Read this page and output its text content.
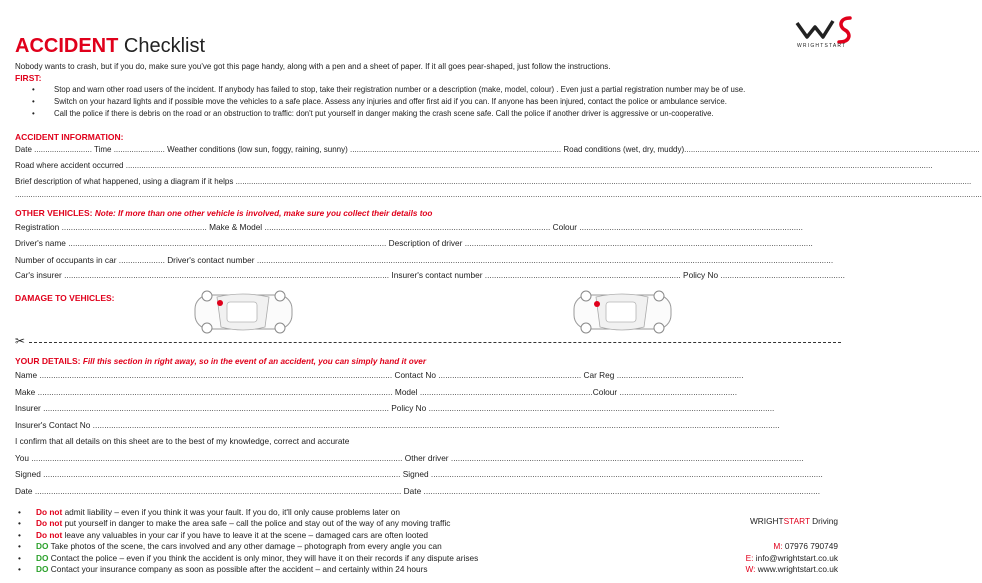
WRIGHTSTART
ACCIDENT Checklist
Nobody wants to crash, but if you do, make sure you've got this page handy, along with a pen and a sheet of paper. If it all goes pear-shaped, just follow the instructions.
FIRST:
• Stop and warn other road users of the incident. If anybody has failed to stop, take their registration number or a description (make, model, colour) . Even just a partial registration number may be of use.
• Switch on your hazard lights and if possible move the vehicles to a safe place. Assess any injuries and offer first aid if you can. If anyone has been injured, contact the police or ambulance service.
• Call the police if there is debris on the road or an obstruction to traffic: don't put yourself in danger making the crash scene safe. Call the police if another driver is aggressive or un-cooperative.
ACCIDENT INFORMATION:
Date .......................... Time ....................... Weather conditions (low sun, foggy, raining, sunny) ............................................................................................... Road conditions (wet, dry, muddy).....................................................................................................................................
Road where accident occurred ...........................................................................................................................................................................................................................................................................................................................................................................
Brief description of what happened, using a diagram if it helps ...........................................................................................................................................................................................................................................................................................................................................
...................................................................................................................................................................................................................................................................................................................................................................................................................................................
OTHER VEHICLES: Note: If more than one other vehicle is involved, make sure you collect their details too
Registration ............................................................... Make & Model ............................................................................................................................ Colour .................................................................................................
Driver's name .......................................................................................................................................... Description of driver .......................................................................................................................................................
Number of occupants in car .................... Driver's contact number ..........................................................................................................................................................................................................................................................
Car's insurer ............................................................................................................................................. Insurer's contact number ..................................................................................... Policy No ......................................................
DAMAGE TO VEHICLES:
✂
YOUR DETAILS: Fill this section in right away, so in the event of an accident, you can simply hand it over
Name ......................................................................................................................................................... Contact No .............................................................. Car Reg .......................................................
Make .......................................................................................................................................................... Model ...........................................................................Colour ...................................................
Insurer ...................................................................................................................................................... Policy No ......................................................................................................................................................
Insurer's Contact No ..........................................................................................................................................................................................................................................................................................................
I confirm that all details on this sheet are to the best of my knowledge, correct and accurate
You ................................................................................................................................................................. Other driver .........................................................................................................................................................
Signed ........................................................................................................................................................... Signed ..........................................................................................................................................................................
Date ............................................................................................................................................................... Date ............................................................................................................................................................................
• Do not admit liability – even if you think it was your fault. If you do, it'll only cause problems later on
• Do not put yourself in danger to make the area safe – call the police and stay out of the way of any moving traffic
• Do not leave any valuables in your car if you have to leave it at the scene – damaged cars are often looted
• DO Take photos of the scene, the cars involved and any other damage – photograph from every angle you can
• DO Contact the police – even if you think the accident is only minor, they will have it on their records if any dispute arises
• DO Contact your insurance company as soon as possible after the accident – and certainly within 24 hours
WRIGHTSTART Driving
M: 07976 790749
E: info@wrightstart.co.uk
W: www.wrightstart.co.uk
